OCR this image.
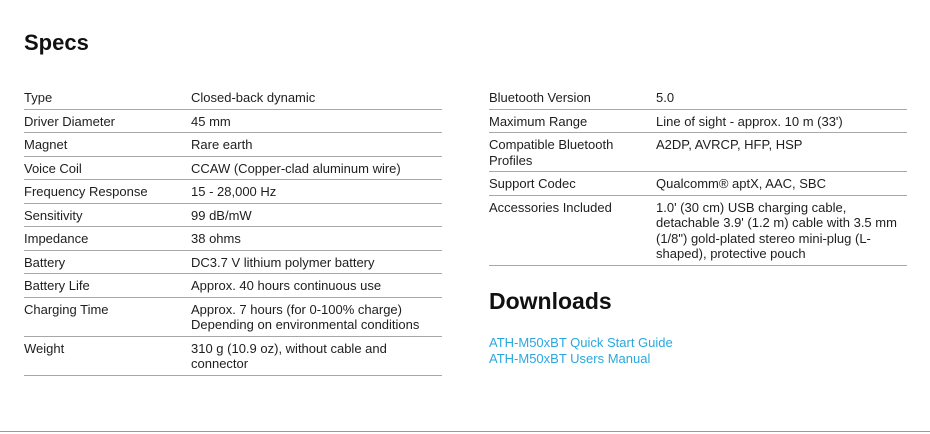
Specs
Type	Closed-back dynamic
Driver Diameter	45 mm
Magnet	Rare earth
Voice Coil	CCAW (Copper-clad aluminum wire)
Frequency Response	15 - 28,000 Hz
Sensitivity	99 dB/mW
Impedance	38 ohms
Battery	DC3.7 V lithium polymer battery
Battery Life	Approx. 40 hours continuous use
Charging Time	Approx. 7 hours (for 0-100% charge) Depending on environmental conditions
Weight	310 g (10.9 oz), without cable and connector
Bluetooth Version	5.0
Maximum Range	Line of sight - approx. 10 m (33')
Compatible Bluetooth Profiles	A2DP, AVRCP, HFP, HSP
Support Codec	Qualcomm® aptX, AAC, SBC
Accessories Included	1.0' (30 cm) USB charging cable, detachable 3.9' (1.2 m) cable with 3.5 mm (1/8") gold-plated stereo mini-plug (L-shaped), protective pouch
Downloads
ATH-M50xBT Quick Start Guide
ATH-M50xBT Users Manual
